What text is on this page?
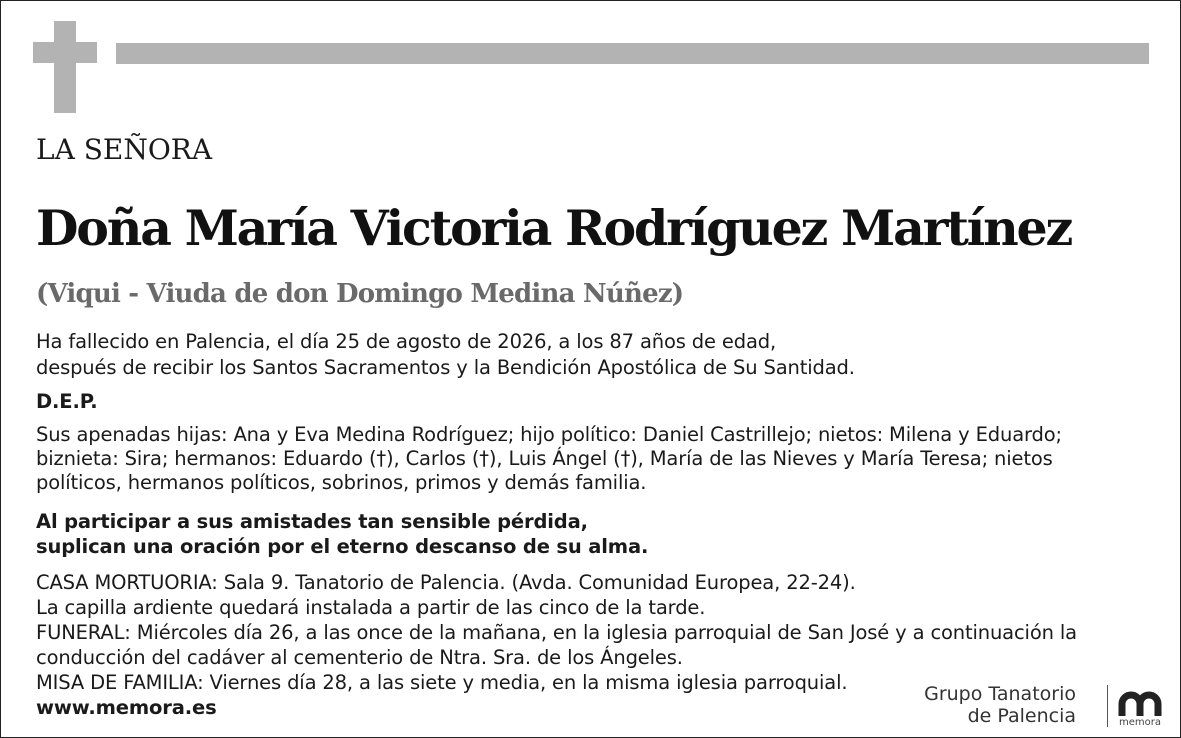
LA SEÑORA
Doña María Victoria Rodríguez Martínez
(Viqui - Viuda de don Domingo Medina Núñez)
Ha fallecido en Palencia, el día 25 de agosto de 2026, a los 87 años de edad,
después de recibir los Santos Sacramentos y la Bendición Apostólica de Su Santidad.
D.E.P.
Sus apenadas hijas: Ana y Eva Medina Rodríguez; hijo político: Daniel Castrillejo; nietos: Milena y Eduardo;
biznieta: Sira; hermanos: Eduardo (†), Carlos (†), Luis Ángel (†), María de las Nieves y María Teresa; nietos
políticos, hermanos políticos, sobrinos, primos y demás familia.
Al participar a sus amistades tan sensible pérdida,
suplican una oración por el eterno descanso de su alma.
CASA MORTUORIA: Sala 9. Tanatorio de Palencia. (Avda. Comunidad Europea, 22-24).
La capilla ardiente quedará instalada a partir de las cinco de la tarde.
FUNERAL: Miércoles día 26, a las once de la mañana, en la iglesia parroquial de San José y a continuación la
conducción del cadáver al cementerio de Ntra. Sra. de los Ángeles.
MISA DE FAMILIA: Viernes día 28, a las siete y media, en la misma iglesia parroquial.
www.memora.es
Grupo Tanatorio
de Palencia	memora
